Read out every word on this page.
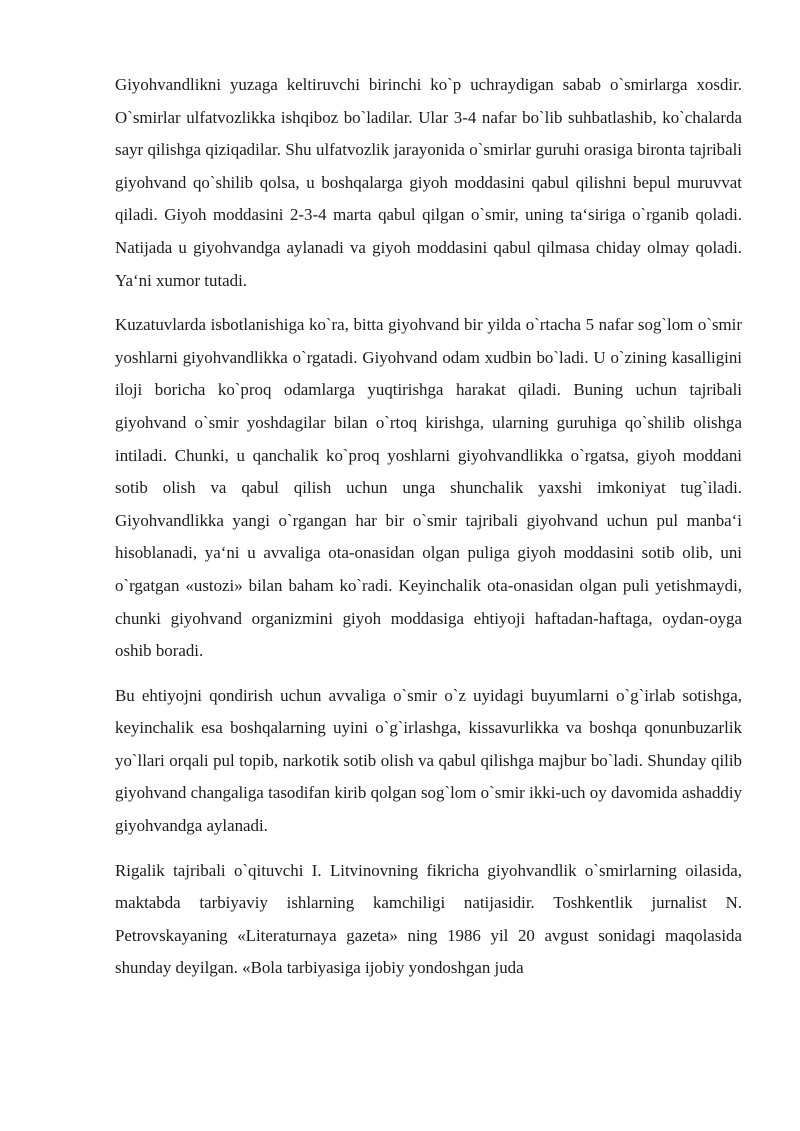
Giyohvandlikni yuzaga keltiruvchi birinchi ko`p uchraydigan sabab o`smirlarga xosdir. O`smirlar ulfatvozlikka ishqiboz bo`ladilar. Ular 3-4 nafar bo`lib suhbatlashib, ko`chalarda sayr qilishga qiziqadilar. Shu ulfatvozlik jarayonida o`smirlar guruhi orasiga bironta tajribali giyohvand qo`shilib qolsa, u boshqalarga giyoh moddasini qabul qilishni bepul muruvvat qiladi. Giyoh moddasini 2-3-4 marta qabul qilgan o`smir, uning ta‘siriga o`rganib qoladi. Natijada u giyohvandga aylanadi va giyoh moddasini qabul qilmasa chiday olmay qoladi. Ya‘ni xumor tutadi.

Kuzatuvlarda isbotlanishiga ko`ra, bitta giyohvand bir yilda o`rtacha 5 nafar sog`lom o`smir yoshlarni giyohvandlikka o`rgatadi. Giyohvand odam xudbin bo`ladi. U o`zining kasalligini iloji boricha ko`proq odamlarga yuqtirishga harakat qiladi. Buning uchun tajribali giyohvand o`smir yoshdagilar bilan o`rtoq kirishga, ularning guruhiga qo`shilib olishga intiladi. Chunki, u qanchalik ko`proq yoshlarni giyohvandlikka o`rgatsa, giyoh moddani sotib olish va qabul qilish uchun unga shunchalik yaxshi imkoniyat tug`iladi. Giyohvandlikka yangi o`rgangan har bir o`smir tajribali giyohvand uchun pul manba‘i hisoblanadi, ya‘ni u avvaliga ota-onasidan olgan puliga giyoh moddasini sotib olib, uni o`rgatgan «ustozi» bilan baham ko`radi. Keyinchalik ota-onasidan olgan puli yetishmaydi, chunki giyohvand organizmini giyoh moddasiga ehtiyoji haftadan-haftaga, oydan-oyga oshib boradi.

Bu ehtiyojni qondirish uchun avvaliga o`smir o`z uyidagi buyumlarni o`g`irlab sotishga, keyinchalik esa boshqalarning uyini o`g`irlashga, kissavurlikka va boshqa qonunbuzarlik yo`llari orqali pul topib, narkotik sotib olish va qabul qilishga majbur bo`ladi. Shunday qilib giyohvand changaliga tasodifan kirib qolgan sog`lom o`smir ikki-uch oy davomida ashaddiy giyohvandga aylanadi.

Rigalik tajribali o`qituvchi I. Litvinovning fikricha giyohvandlik o`smirlarning oilasida, maktabda tarbiyaviy ishlarning kamchiligi natijasidir. Toshkentlik jurnalist N. Petrovskayaning «Literaturnaya gazeta» ning 1986 yil 20 avgust sonidagi maqolasida shunday deyilgan. «Bola tarbiyasiga ijobiy yondoshgan juda
